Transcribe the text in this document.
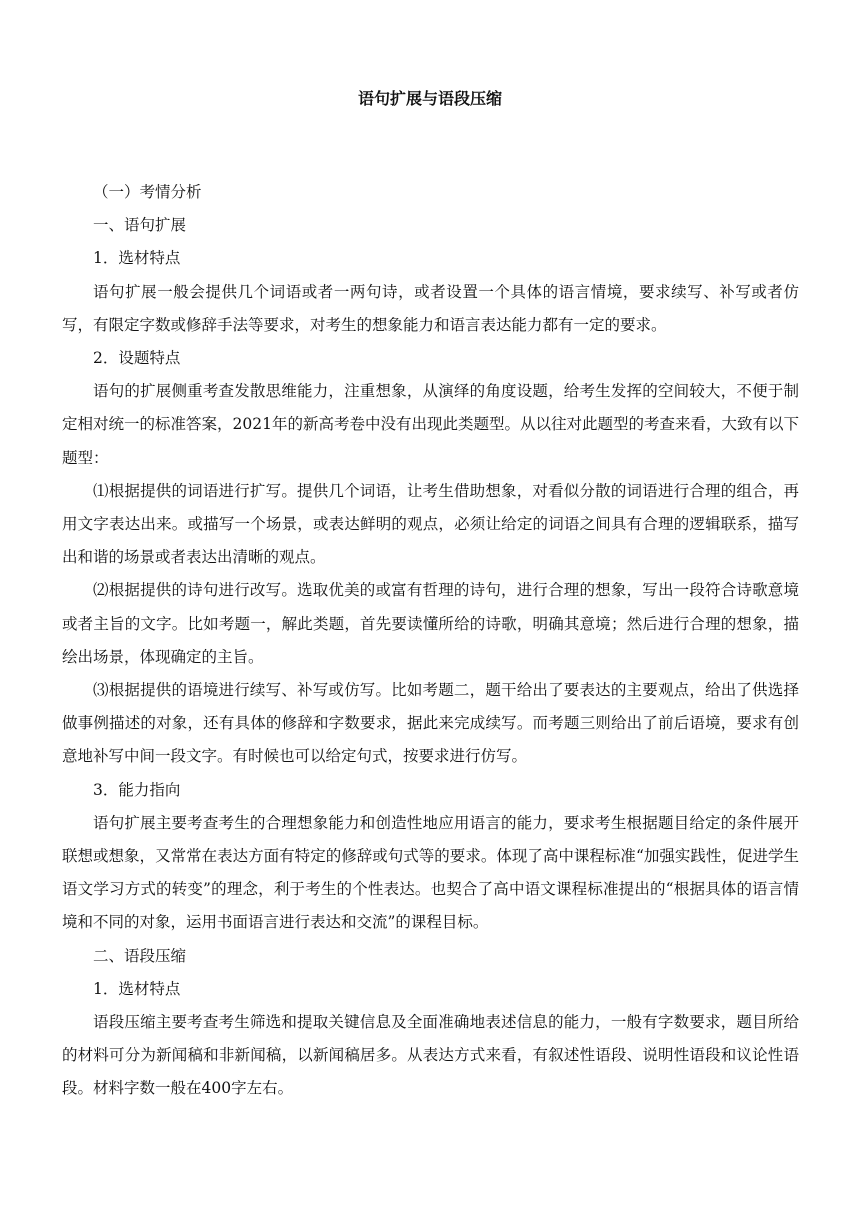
语句扩展与语段压缩

（一）考情分析

一、语句扩展

1．选材特点

语句扩展一般会提供几个词语或者一两句诗，或者设置一个具体的语言情境，要求续写、补写或者仿写，有限定字数或修辞手法等要求，对考生的想象能力和语言表达能力都有一定的要求。

2．设题特点

语句的扩展侧重考查发散思维能力，注重想象，从演绎的角度设题，给考生发挥的空间较大，不便于制定相对统一的标准答案，2021年的新高考卷中没有出现此类题型。从以往对此题型的考查来看，大致有以下题型：

⑴根据提供的词语进行扩写。提供几个词语，让考生借助想象，对看似分散的词语进行合理的组合，再用文字表达出来。或描写一个场景，或表达鲜明的观点，必须让给定的词语之间具有合理的逻辑联系，描写出和谐的场景或者表达出清晰的观点。

⑵根据提供的诗句进行改写。选取优美的或富有哲理的诗句，进行合理的想象，写出一段符合诗歌意境或者主旨的文字。比如考题一，解此类题，首先要读懂所给的诗歌，明确其意境；然后进行合理的想象，描绘出场景，体现确定的主旨。

⑶根据提供的语境进行续写、补写或仿写。比如考题二，题干给出了要表达的主要观点，给出了供选择做事例描述的对象，还有具体的修辞和字数要求，据此来完成续写。而考题三则给出了前后语境，要求有创意地补写中间一段文字。有时候也可以给定句式，按要求进行仿写。

3．能力指向

语句扩展主要考查考生的合理想象能力和创造性地应用语言的能力，要求考生根据题目给定的条件展开联想或想象，又常常在表达方面有特定的修辞或句式等的要求。体现了高中课程标准“加强实践性，促进学生语文学习方式的转变”的理念，利于考生的个性表达。也契合了高中语文课程标准提出的“根据具体的语言情境和不同的对象，运用书面语言进行表达和交流”的课程目标。

二、语段压缩

1．选材特点

语段压缩主要考查考生筛选和提取关键信息及全面准确地表述信息的能力，一般有字数要求，题目所给的材料可分为新闻稿和非新闻稿，以新闻稿居多。从表达方式来看，有叙述性语段、说明性语段和议论性语段。材料字数一般在400字左右。
